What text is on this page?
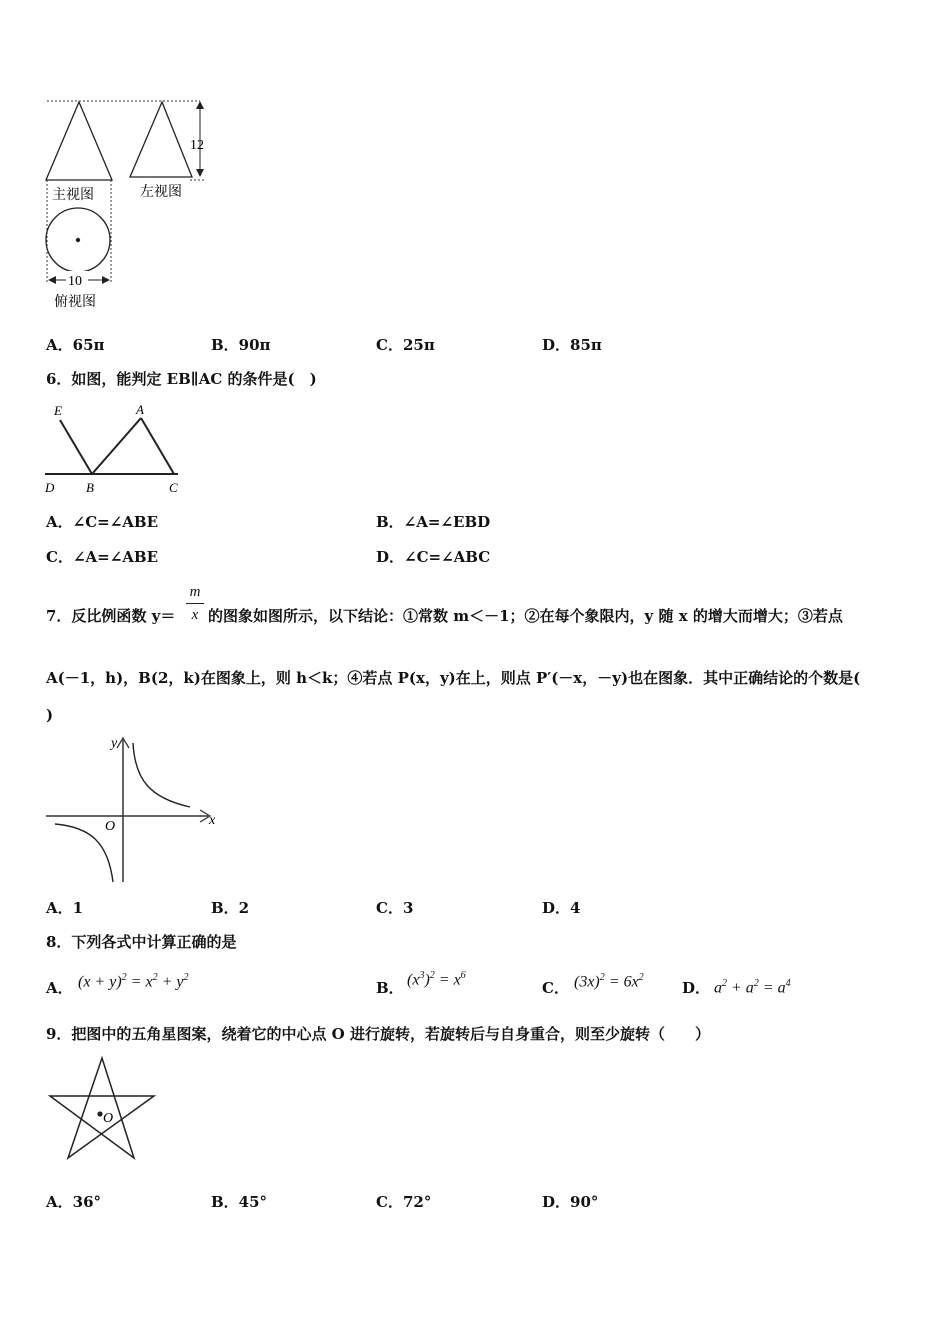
12
主视图	左视图
10
俯视图
A．65π	B．90π	C．25π	D．85π
6．如图，能判定 EB∥AC 的条件是(　)
E	A
D B	C
A．∠C=∠ABE	B．∠A=∠EBD
C．∠A=∠ABE	D．∠C=∠ABC
7．反比例函数 y＝
m
x 的图象如图所示，以下结论：①常数 m＜－1；②在每个象限内，y 随 x 的增大而增大；③若点
A(－1，h)，B(2，k)在图象上，则 h＜k；④若点 P(x，y)在上，则点 P′(－x，－y)也在图象．其中正确结论的个数是(
)
y
x
O
A．1	B．2	C．3	D．4
8．下列各式中计算正确的是
A． $(x + y)^2 = x^2 + y^2$
B． $(x^3)^2 = x^6$
C． $(3x)^2 = 6x^2$
D． $a^2 + a^2 = a^4$
9．把图中的五角星图案，绕着它的中心点 O 进行旋转，若旋转后与自身重合，则至少旋转（　　）
O
A．36°	B．45°	C．72°	D．90°
